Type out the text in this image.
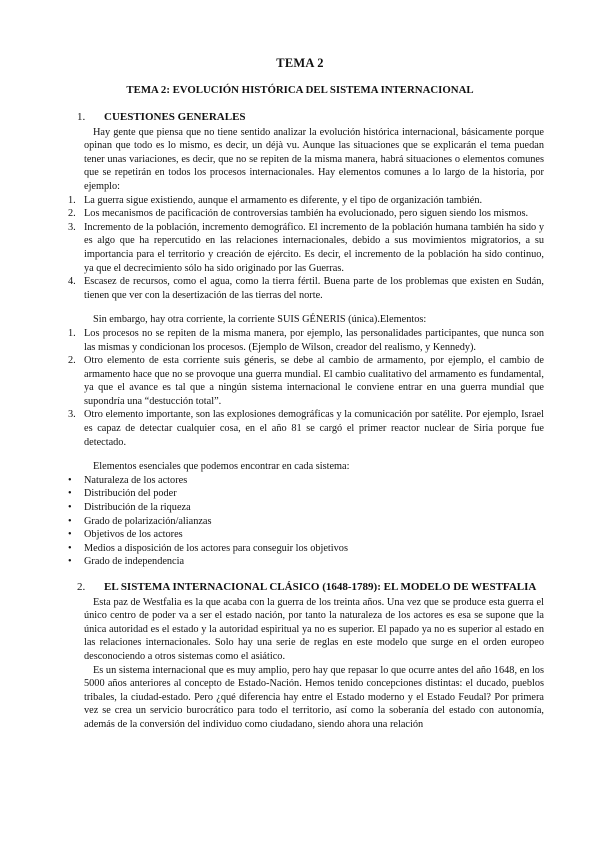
TEMA 2
TEMA 2: EVOLUCIÓN HISTÓRICA DEL SISTEMA INTERNACIONAL
1.	CUESTIONES GENERALES

Hay gente que piensa que no tiene sentido analizar la evolución histórica internacional, básicamente porque opinan que todo es lo mismo, es decir, un déjà vu. Aunque las situaciones que se explicarán el tema puedan tener unas variaciones, es decir, que no se repiten de la misma manera, habrá situaciones o elementos comunes que se repetirán en todos los procesos internacionales. Hay elementos comunes a lo largo de la historia, por ejemplo:

1. La guerra sigue existiendo, aunque el armamento es diferente, y el tipo de organización también.
2. Los mecanismos de pacificación de controversias también ha evolucionado, pero siguen siendo los mismos.
3. Incremento de la población, incremento demográfico. El incremento de la población humana también ha sido y es algo que ha repercutido en las relaciones internacionales, debido a sus movimientos migratorios, a su importancia para el territorio y creación de ejército. Es decir, el incremento de la población ha sido continuo, ya que el decrecimiento sólo ha sido originado por las Guerras.
4. Escasez de recursos, como el agua, como la tierra fértil. Buena parte de los problemas que existen en Sudán, tienen que ver con la desertización de las tierras del norte.

Sin embargo, hay otra corriente, la corriente SUIS GÉNERIS (única).Elementos:

1. Los procesos no se repiten de la misma manera, por ejemplo, las personalidades participantes, que nunca son las mismas y condicionan los procesos. (Ejemplo de Wilson, creador del realismo, y Kennedy).
2. Otro elemento de esta corriente suis géneris, se debe al cambio de armamento, por ejemplo, el cambio de armamento hace que no se provoque una guerra mundial. El cambio cualitativo del armamento es fundamental, ya que el avance es tal que a ningún sistema internacional le conviene entrar en una guerra mundial que supondría una “destucción total”.
3. Otro elemento importante, son las explosiones demográficas y la comunicación por satélite. Por ejemplo, Israel es capaz de detectar cualquier cosa, en el año 81 se cargó el primer reactor nuclear de Siria porque fue detectado.

Elementos esenciales que podemos encontrar en cada sistema:

• Naturaleza de los actores
• Distribución del poder
• Distribución de la riqueza
• Grado de polarización/alianzas
• Objetivos de los actores
• Medios a disposición de los actores para conseguir los objetivos
• Grado de independencia
2.	EL SISTEMA INTERNACIONAL CLÁSICO (1648-1789): EL MODELO DE WESTFALIA

Esta paz de Westfalia es la que acaba con la guerra de los treinta años. Una vez que se produce esta guerra el único centro de poder va a ser el estado nación, por tanto la naturaleza de los actores es esa se supone que la única autoridad es el estado y la autoridad espiritual ya no es superior. El papado ya no es superior al estado en las relaciones internacionales. Solo hay una serie de reglas en este modelo que surge en el orden europeo desconociendo a otros sistemas como el asiático.

Es un sistema internacional que es muy amplio, pero hay que repasar lo que ocurre antes del año 1648, en los 5000 años anteriores al concepto de Estado-Nación. Hemos tenido concepciones distintas: el ducado, pueblos tribales, la ciudad-estado. Pero ¿qué diferencia hay entre el Estado moderno y el Estado Feudal? Por primera vez se crea un servicio burocrático para todo el territorio, así como la soberanía del estado con autonomía, además de la conversión del individuo como ciudadano, siendo ahora una relación
